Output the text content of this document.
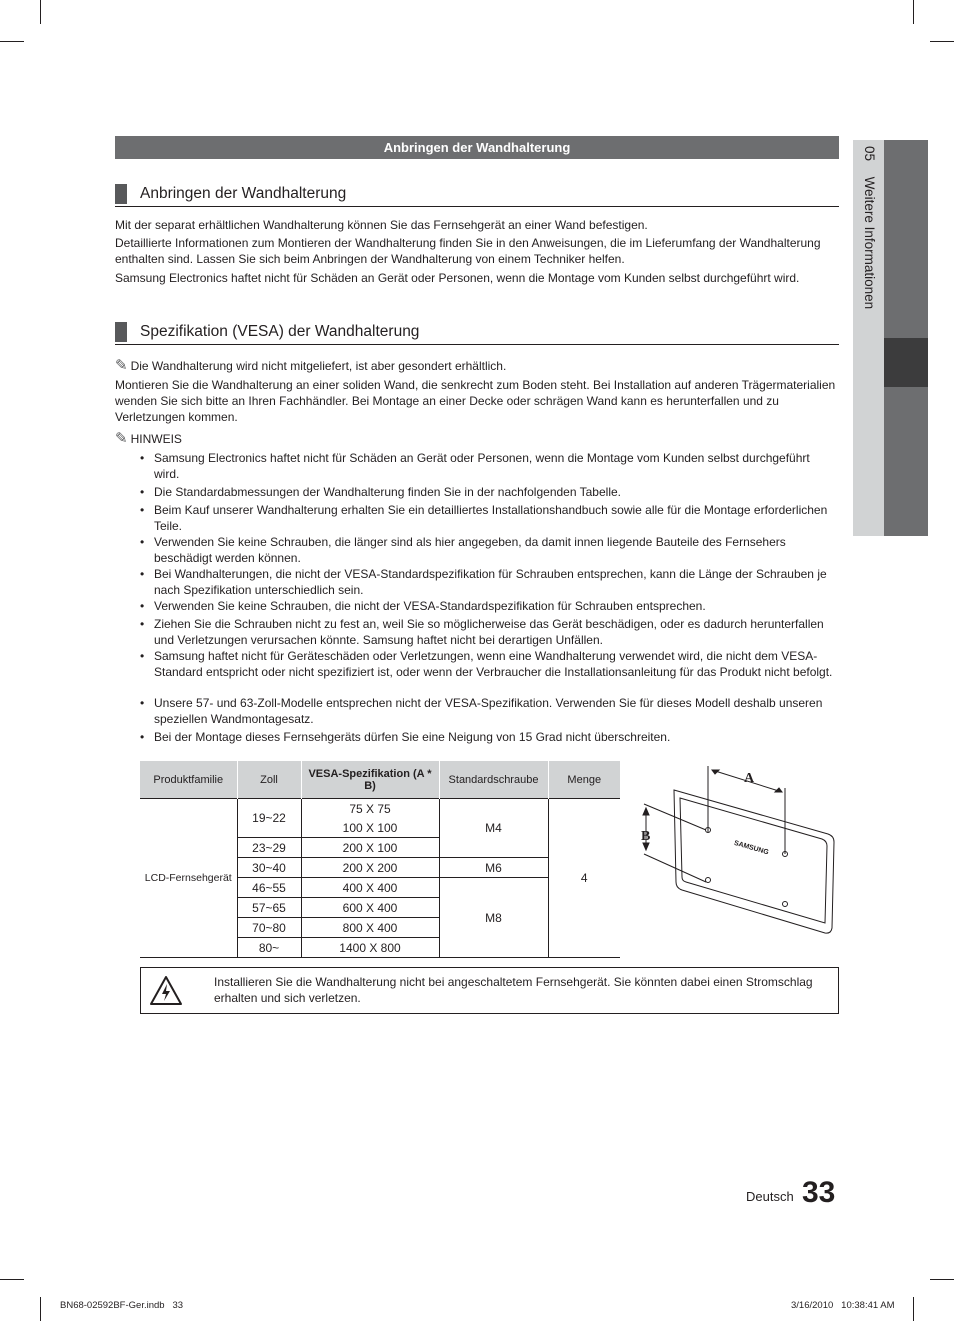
05  Weitere Informationen
Anbringen der Wandhalterung
Anbringen der Wandhalterung

Mit der separat erhältlichen Wandhalterung können Sie das Fernsehgerät an einer Wand befestigen.

Detaillierte Informationen zum Montieren der Wandhalterung finden Sie in den Anweisungen, die im Lieferumfang der Wandhalterung enthalten sind. Lassen Sie sich beim Anbringen der Wandhalterung von einem Techniker helfen.

Samsung Electronics haftet nicht für Schäden an Gerät oder Personen, wenn die Montage vom Kunden selbst durchgeführt wird.

Spezifikation (VESA) der Wandhalterung
✎ Die Wandhalterung wird nicht mitgeliefert, ist aber gesondert erhältlich.

Montieren Sie die Wandhalterung an einer soliden Wand, die senkrecht zum Boden steht. Bei Installation auf anderen Trägermaterialien wenden Sie sich bitte an Ihren Fachhändler. Bei Montage an einer Decke oder schrägen Wand kann es herunterfallen und zu Verletzungen kommen.

✎ HINWEIS
• Samsung Electronics haftet nicht für Schäden an Gerät oder Personen, wenn die Montage vom Kunden selbst durchgeführt wird.
• Die Standardabmessungen der Wandhalterung finden Sie in der nachfolgenden Tabelle.
• Beim Kauf unserer Wandhalterung erhalten Sie ein detailliertes Installationshandbuch sowie alle für die Montage erforderlichen Teile.
• Verwenden Sie keine Schrauben, die länger sind als hier angegeben, da damit innen liegende Bauteile des Fernsehers beschädigt werden können.
• Bei Wandhalterungen, die nicht der VESA-Standardspezifikation für Schrauben entsprechen, kann die Länge der Schrauben je nach Spezifikation unterschiedlich sein.
• Verwenden Sie keine Schrauben, die nicht der VESA-Standardspezifikation für Schrauben entsprechen.
• Ziehen Sie die Schrauben nicht zu fest an, weil Sie so möglicherweise das Gerät beschädigen, oder es dadurch herunterfallen und Verletzungen verursachen könnte. Samsung haftet nicht bei derartigen Unfällen.
• Samsung haftet nicht für Geräteschäden oder Verletzungen, wenn eine Wandhalterung verwendet wird, die nicht dem VESA-Standard entspricht oder nicht spezifiziert ist, oder wenn der Verbraucher die Installationsanleitung für das Produkt nicht befolgt.
• Unsere 57- und 63-Zoll-Modelle entsprechen nicht der VESA-Spezifikation. Verwenden Sie für dieses Modell deshalb unseren speziellen Wandmontagesatz.
• Bei der Montage dieses Fernsehgeräts dürfen Sie eine Neigung von 15 Grad nicht überschreiten.
Produktfamilie	Zoll	VESA-Spezifikation (A * B)	Standardschraube	Menge
LCD-Fernsehgerät	19~22	75 X 75	M4	4
		100 X 100		
	23~29	200 X 100		
	30~40	200 X 200	M6	
	46~55	400 X 400	M8	
	57~65	600 X 400		
	70~80	800 X 400		
	80~	1400 X 800		
A
B
SAMSUNG
Installieren Sie die Wandhalterung nicht bei angeschaltetem Fernsehgerät. Sie könnten dabei einen Stromschlag erhalten und sich verletzen.
Deutsch 33
BN68-02592BF-Ger.indb   33	3/16/2010   10:38:41 AM
